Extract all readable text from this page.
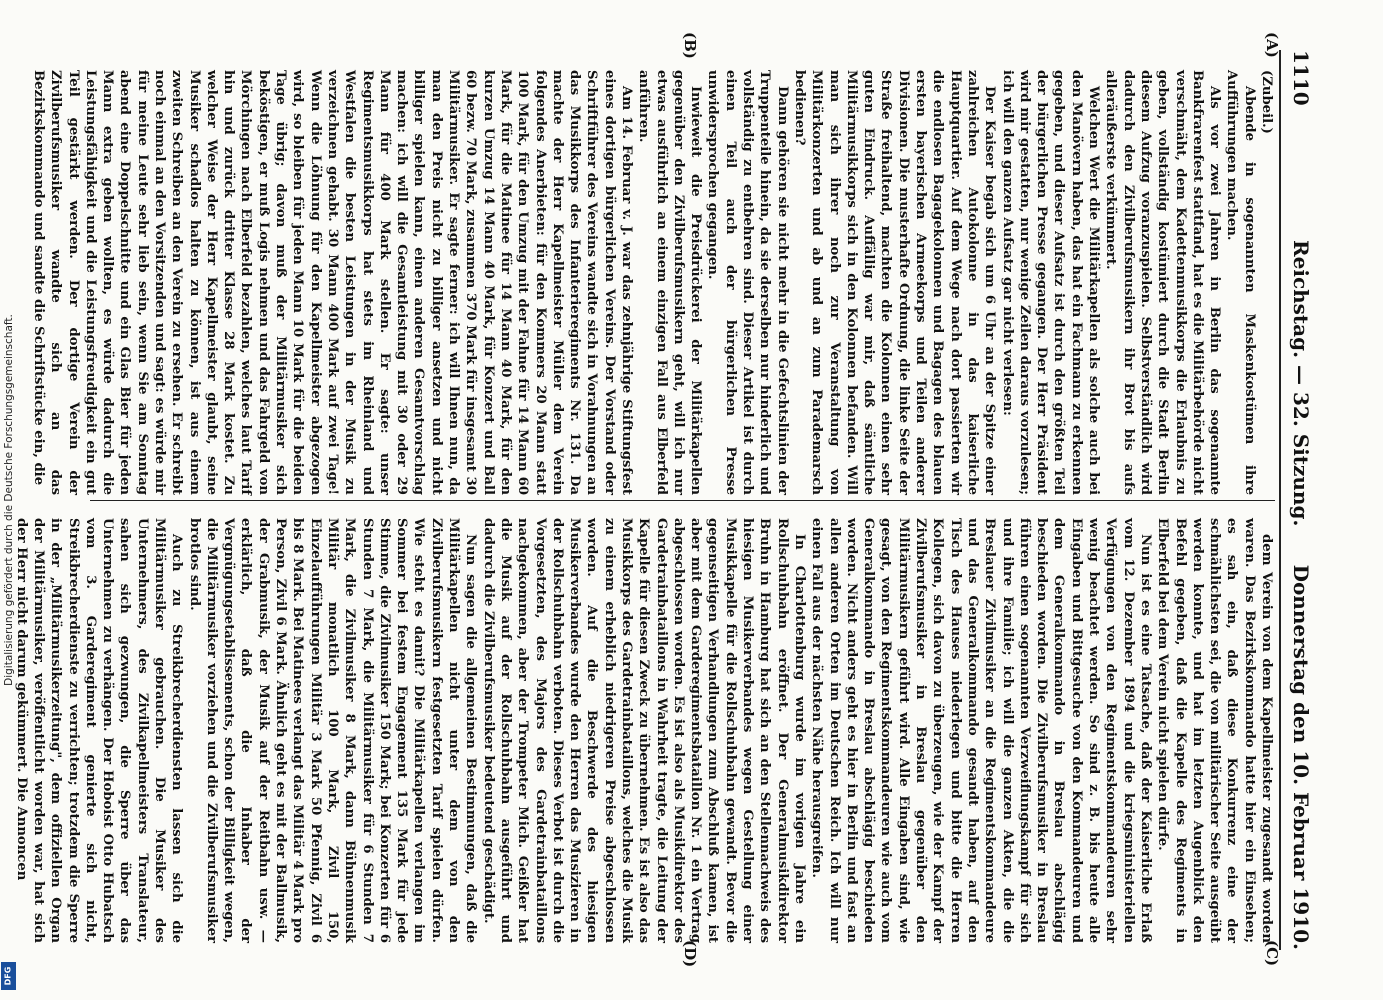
Digitalisierung gefördert durch die Deutsche Forschungsgemeinschaft.
DFG
1110
Reichstag. — 32. Sitzung.
Donnerstag den 10. Februar 1910.
(A)
(B)
(C)
(D)

(Zubeil.)

Abende in sogenannten Maskenkostümen ihre Aufführungen machen.

Als vor zwei Jahren in Berlin das sogenannte Bankfrarenfest stattfand, hat es die Militärbehörde nicht verschmäht, dem Kadettenmusikkorps die Erlaubnis zu geben, vollständig kostümiert durch die Stadt Berlin diesem Aufzug voranzuspielen. Selbstverständlich wird dadurch den Zivilberufsmusikern ihr Brot bis aufs alleräußerste verkümmert.

Welchen Wert die Militärkapellen als solche auch bei den Manövern haben, das hat ein Fachmann zu erkennen gegeben, und dieser Aufsatz ist durch den größten Teil der bürgerlichen Presse gegangen. Der Herr Präsident wird mir gestatten, nur wenige Zeilen daraus vorzulesen; ich will den ganzen Aufsatz gar nicht verlesen:

Der Kaiser begab sich um 6 Uhr an der Spitze einer zahlreichen Autokolonne in das kaiserliche Hauptquartier. Auf dem Wege nach dort passierten wir die endlosen Bagagekolonnen und Bagagen des blauen ersten bayerischen Armeekorps und Teilen anderer Divisionen. Die musterhafte Ordnung, die linke Seite der Straße freihaltend, machten die Kolonnen einen sehr guten Eindruck. Auffällig war mir, daß sämtliche Militärmusikkorps sich in den Kolonnen befanden. Will man sich ihrer noch zur Veranstaltung von Militärkonzerten und ab und an zum Parademarsch bedienen?

Dann gehören sie nicht mehr in die Gefechtslinien der Truppenteile hinein, da sie derselben nur hinderlich und vollständig zu entbehren sind. Dieser Artikel ist durch einen Teil auch der bürgerlichen Presse unwidersprochen gegangen.

Inwieweit die Preisdrückerei der Militärkapellen gegenüber den Zivilberufsmusikern geht, will ich nur etwas ausführlich an einem einzigen Fall aus Elberfeld anführen.

Am 14. Februar v. J. war das zehnjährige Stiftungsfest eines dortigen bürgerlichen Vereins. Der Vorstand oder Schriftführer des Vereins wandte sich in Vorahnungen an das Musikkorps des Infanterieregiments Nr. 131. Da machte der Herr Kapellmeister Müller dem Verein folgendes Anerbieten: für den Kommers 20 Mann statt 100 Mark, für den Umzug mit der Fahne für 14 Mann 60 Mark, für die Matinee für 14 Mann 40 Mark, für den kurzen Umzug 14 Mann 40 Mark, für Konzert und Ball 60 bezw. 70 Mark, zusammen 370 Mark für insgesamt 30 Militärmusiker. Er sagte ferner: ich will Ihnen nun, da man den Preis nicht zu billiger ansetzen und nicht billiger spielen kann, einen anderen Gesamtvorschlag machen: ich will die Gesamtleistung mit 30 oder 29 Mann für 400 Mark stellen. Er sagte: unser Regimentsmusikkorps hat stets im Rheinland und Westfalen die besten Leistungen in der Musik zu verzeichnen gehabt. 30 Mann 400 Mark auf zwei Tage! Wenn die Löhnung für den Kapellmeister abgezogen wird, so bleiben für jeden Mann 10 Mark für die beiden Tage übrig; davon muß der Militärmusiker sich beköstigen, er muß Logis nehmen und das Fahrgeld von Mörchingen nach Elberfeld bezahlen, welches laut Tarif hin und zurück dritter Klasse 28 Mark kostet. Zu welcher Weise der Herr Kapellmeister glaubt, seine Musiker schadlos halten zu können, ist aus einem zweiten Schreiben an den Verein zu ersehen. Er schreibt noch einmal an den Vorsitzenden und sagt: es würde mir für meine Leute sehr lieb sein, wenn Sie am Sonntag abend eine Doppelschnitte und ein Glas Bier für jeden Mann extra geben wollten, es würde dadurch die Leistungsfähigkeit und die Leistungsfreudigkeit ein gut Teil gestärkt werden. Der dortige Verein der Zivilberufsmusiker wandte sich an das Bezirkskommando und sandte die Schriftstücke ein, die

dem Verein von dem Kapellmeister zugesandt worden waren. Das Bezirkskommando hatte hier ein Einsehen; es sah ein, daß diese Konkurrenz eine der schmählichsten sei, die von militärischer Seite ausgeübt werden konnte, und hat im letzten Augenblick den Befehl gegeben, daß die Kapelle des Regiments in Elberfeld bei dem Verein nicht spielen dürfe.

Nun ist es eine Tatsache, daß der Kaiserliche Erlaß vom 12. Dezember 1894 und die kriegsministeriellen Verfügungen von den Regimentskommandeuren sehr wenig beachtet werden. So sind z. B. bis heute alle Eingaben und Bittgesuche von den Kommandeuren und dem Generalkommando in Breslau abschlägig beschieden worden. Die Zivilberufsmusiker in Breslau führen einen sogenannten Verzweiflungskampf für sich und ihre Familie; ich will die ganzen Akten, die die Breslauer Zivilmusiker an die Regimentskommandeure und das Generalkommando gesandt haben, auf den Tisch des Hauses niederlegen und bitte die Herren Kollegen, sich davon zu überzeugen, wie der Kampf der Zivilberufsmusiker in Breslau gegenüber den Militärmusikern geführt wird. Alle Eingaben sind, wie gesagt, von den Regimentskommandeuren wie auch vom Generalkommando in Breslau abschlägig beschieden worden. Nicht anders geht es hier in Berlin und fast an allen anderen Orten im Deutschen Reich. Ich will nur einen Fall aus der nächsten Nähe herausgreifen.

In Charlottenburg wurde im vorigen Jahre ein Rollschuhbahn eröffnet. Der Generalmusikdirektor Bruhn in Hamburg hat sich an den Stellennachweis des hiesigen Musikerverbandes wegen Gestellung einer Musikkapelle für die Rollschuhbahn gewandt. Bevor die gegenseitigen Verhandlungen zum Abschluß kamen, ist aber mit dem Garderegimentsbataillon Nr. 1 ein Vertrag abgeschlossen worden. Es ist also als Musikdirektor des Gardetrainbataillons in Wahrheit tragte, die Leitung der Kapelle für diesen Zweck zu übernehmen. Es ist also das Musikkorps des Gardetrainbataillons, welches die Musik zu einem erheblich niedrigeren Preise abgeschlossen worden. Auf die Beschwerde des hiesigen Musikerverbandes wurde den Herren das Musizieren in der Rollschuhbahn verboten. Dieses Verbot ist durch die Vorgesetzten, des Majors des Gardetrainbataillons nachgekommen, aber der Trompeter Mich. Geißler hat die Musik auf der Rollschuhbahn ausgeführt und dadurch die Zivilberufsmusiker bedeutend geschädigt.

Nun sagen die allgemeinen Bestimmungen, daß die Militärkapellen nicht unter dem von den Zivilberufsmusikern festgesetzten Tarif spielen dürfen. Wie steht es damit? Die Militärkapellen verlangen im Sommer bei festem Engagement 135 Mark für jede Stimme, die Zivilmusiker 150 Mark; bei Konzerten für 6 Stunden 7 Mark, die Militärmusiker für 6 Stunden 7 Mark, die Zivilmusiker 8 Mark, dann Bühnenmusik Militär monatlich 100 Mark, Zivil 150, Einzelaufführungen Militär 3 Mark 50 Pfennig, Zivil 6 bis 8 Mark. Bei Matinees verlangt das Militär 4 Mark pro Person, Zivil 6 Mark. Ähnlich geht es mit der Ballmusik, der Grabmusik, der Musik auf der Reitbahn usw. — erklärlich, daß die Inhaber der Vergnügungsetablissements, schon der Billigkeit wegen, die Militärmusiker vorziehen und die Zivilberufsmusiker brotlos sind.

Auch zu Streikbrecherdiensten lassen sich die Militärmusiker gebrauchen. Die Musiker des Unternehmers, des Zivilkapellmeisters Translateur, sahen sich gezwungen, die Sperre über das Unternehmen zu verhängen. Der Hoboist Otto Hubatsch vom 3. Garderegiment genierte sich nicht, Streikbrecherdienste zu verrichten; trotzdem die Sperre in der „Militärmusikerzeitung", dem offiziellen Organ der Militärmusiker, veröffentlicht worden war, hat sich der Herr nicht darum gekümmert. Die Annoncen
